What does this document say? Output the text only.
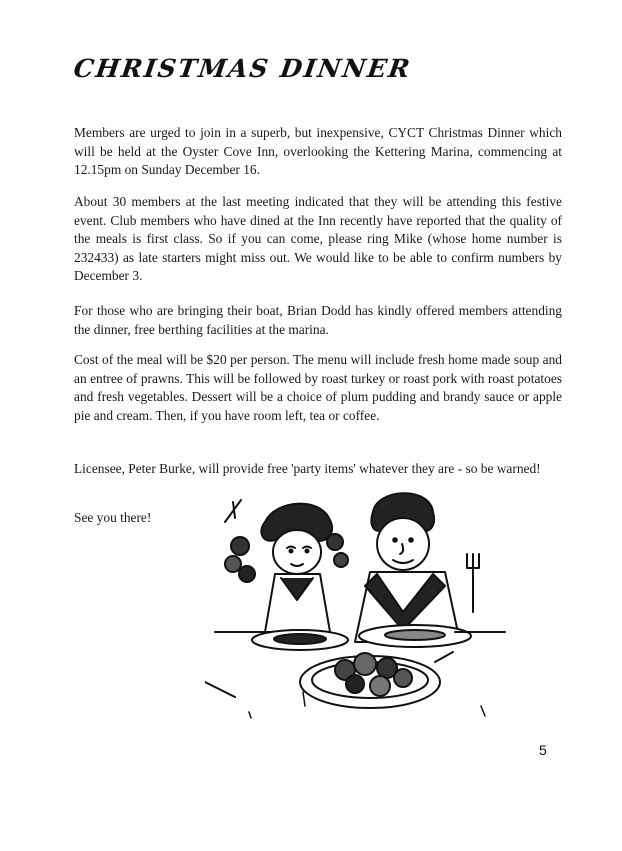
CHRISTMAS DINNER

Members are urged to join in a superb, but inexpensive, CYCT Christmas Dinner which will be held at the Oyster Cove Inn, overlooking the Kettering Marina, commencing at 12.15pm on Sunday December 16.

About 30 members at the last meeting indicated that they will be attending this festive event. Club members who have dined at the Inn recently have reported that the quality of the meals is first class. So if you can come, please ring Mike (whose home number is 232433) as late starters might miss out. We would like to be able to confirm numbers by December 3.

For those who are bringing their boat, Brian Dodd has kindly offered members attending the dinner, free berthing facilities at the marina.

Cost of the meal will be $20 per person. The menu will include fresh home made soup and an entree of prawns. This will be followed by roast turkey or roast pork with roast potatoes and fresh vegetables. Dessert will be a choice of plum pudding and brandy sauce or apple pie and cream. Then, if you have room left, tea or coffee.

Licensee, Peter Burke, will provide free 'party items' whatever they are - so be warned!

See you there!

5
